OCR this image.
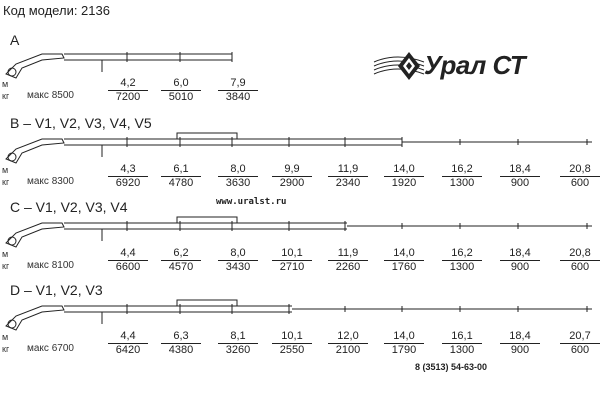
Код модели: 2136
Урал СТ
www.uralst.ru
8 (3513) 54-63-00
A
м
кг макс 8500
4,2
7200
6,0
5010
7,9
3840
B – V1, V2, V3, V4, V5
м
кг макс 8300
4,3
6920
6,1
4780
8,0
3630
9,9
2900
11,9
2340
14,0
1920
16,2
1300
18,4
900
20,8
600
C – V1, V2, V3, V4
м
кг макс 8100
4,4
6600
6,2
4570
8,0
3430
10,1
2710
11,9
2260
14,0
1760
16,2
1300
18,4
900
20,8
600
D – V1, V2, V3
м
кг макс 6700
4,4
6420
6,3
4380
8,1
3260
10,1
2550
12,0
2100
14,0
1790
16,1
1300
18,4
900
20,7
600
